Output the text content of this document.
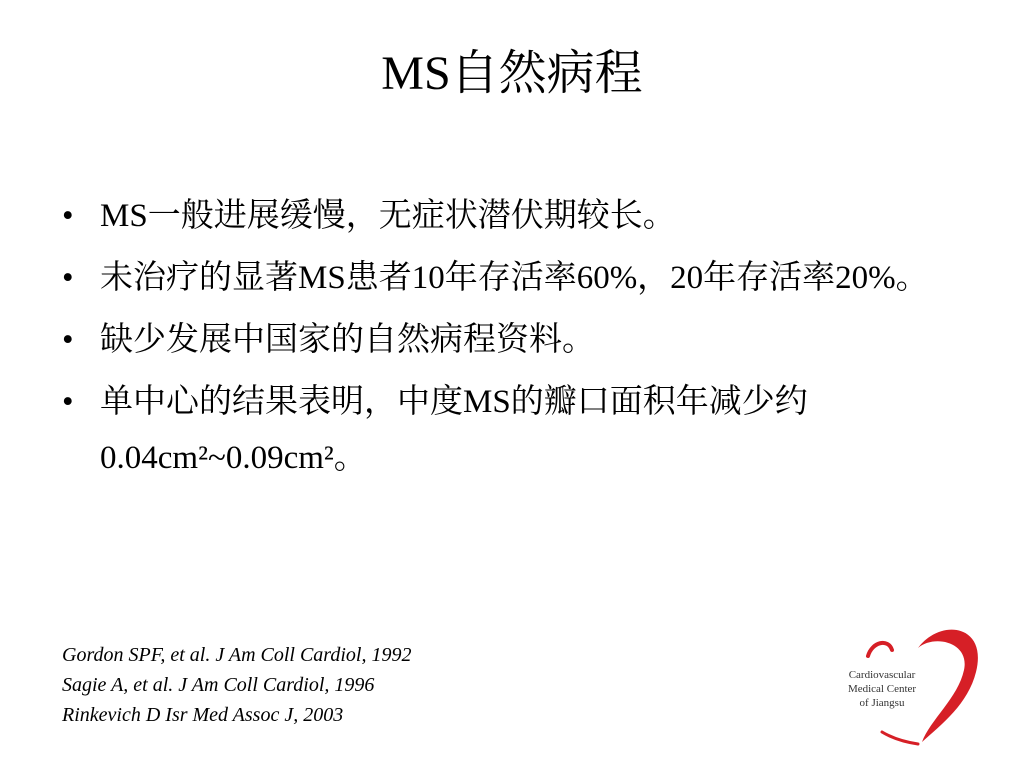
MS自然病程
• MS一般进展缓慢，无症状潜伏期较长。
• 未治疗的显著MS患者10年存活率60%，20年存活率20%。
• 缺少发展中国家的自然病程资料。
• 单中心的结果表明，中度MS的瓣口面积年减少约0.04cm²~0.09cm²。
Gordon SPF, et al. J Am Coll Cardiol, 1992
Sagie A, et al. J Am Coll Cardiol, 1996
Rinkevich D Isr Med Assoc J, 2003
Cardiovascular
Medical Center
of Jiangsu
